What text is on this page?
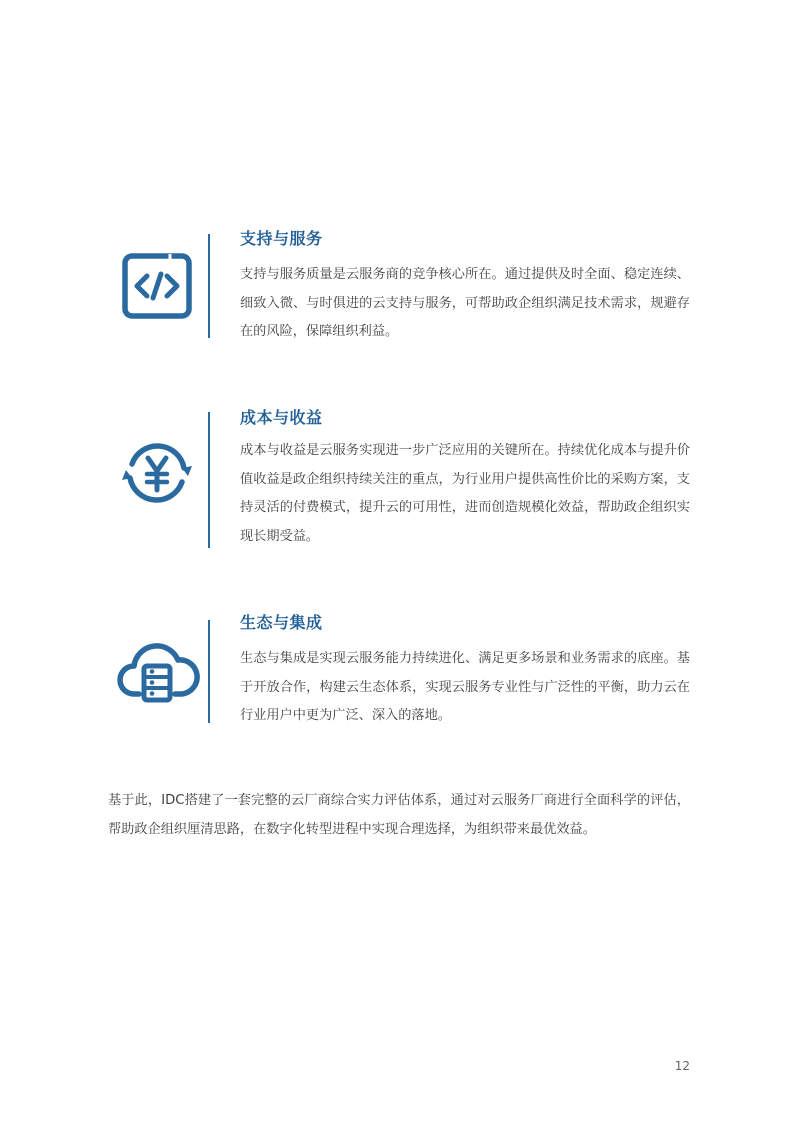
支持与服务

支持与服务质量是云服务商的竞争核心所在。通过提供及时全面、稳定连续、细致入微、与时俱进的云支持与服务，可帮助政企组织满足技术需求，规避存在的风险，保障组织利益。

成本与收益

成本与收益是云服务实现进一步广泛应用的关键所在。持续优化成本与提升价值收益是政企组织持续关注的重点，为行业用户提供高性价比的采购方案，支持灵活的付费模式，提升云的可用性，进而创造规模化效益，帮助政企组织实现长期受益。

生态与集成

生态与集成是实现云服务能力持续进化、满足更多场景和业务需求的底座。基于开放合作，构建云生态体系，实现云服务专业性与广泛性的平衡，助力云在行业用户中更为广泛、深入的落地。

基于此，IDC搭建了一套完整的云厂商综合实力评估体系，通过对云服务厂商进行全面科学的评估，帮助政企组织厘清思路，在数字化转型进程中实现合理选择，为组织带来最优效益。

12
